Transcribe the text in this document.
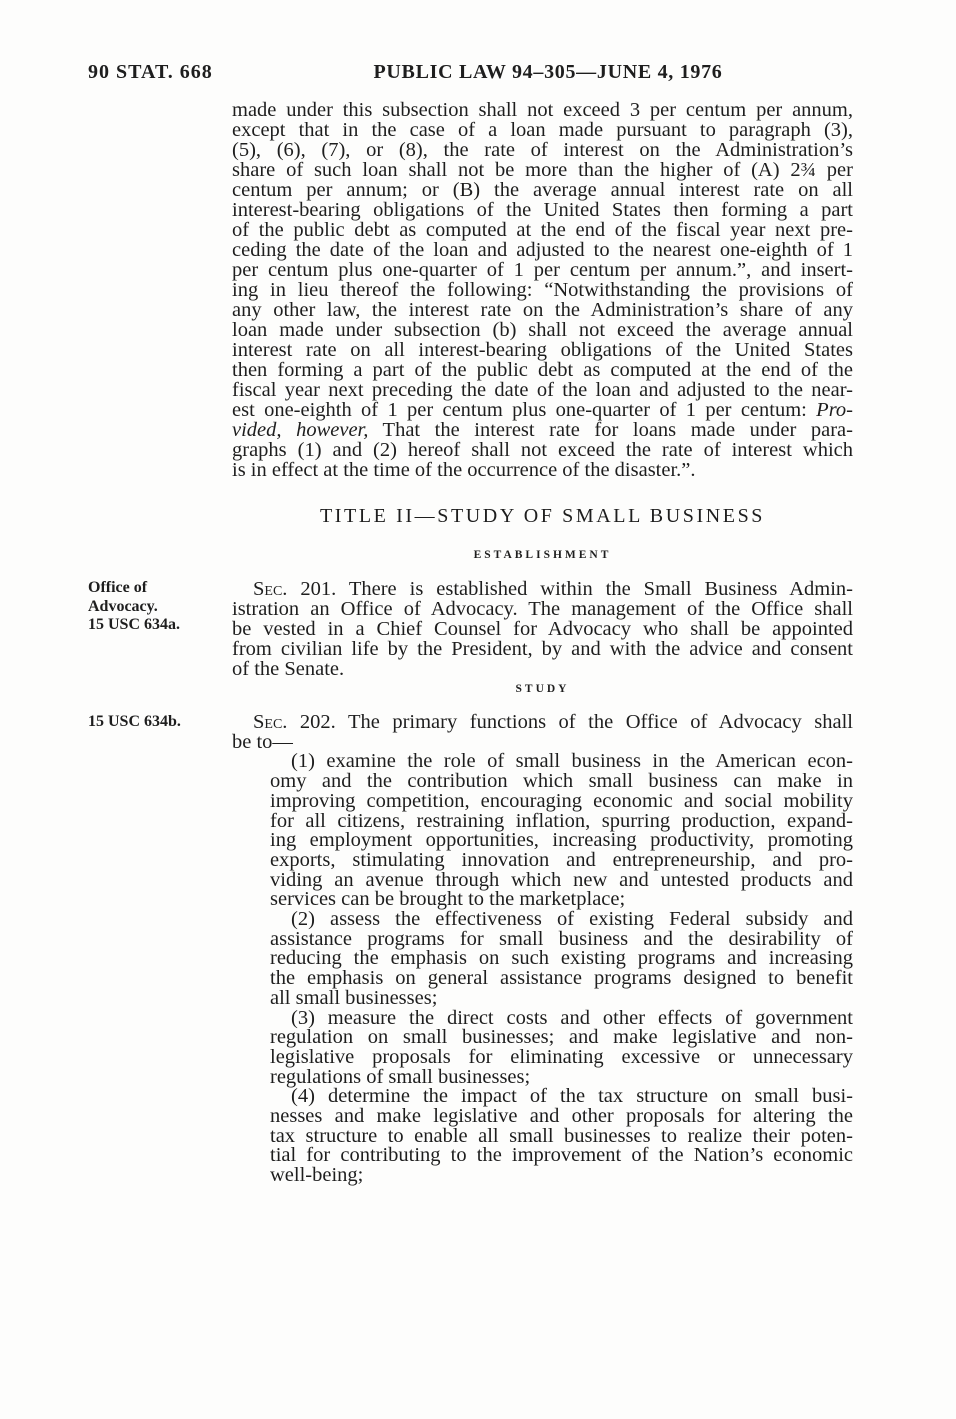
90 STAT. 668	PUBLIC LAW 94–305—JUNE 4, 1976
made under this subsection shall not exceed 3 per centum per annum,
except that in the case of a loan made pursuant to paragraph (3),
(5), (6), (7), or (8), the rate of interest on the Administration’s
share of such loan shall not be more than the higher of (A) 2¾ per
centum per annum; or (B) the average annual interest rate on all
interest-bearing obligations of the United States then forming a part
of the public debt as computed at the end of the fiscal year next pre-
ceding the date of the loan and adjusted to the nearest one-eighth of 1
per centum plus one-quarter of 1 per centum per annum.”, and insert-
ing in lieu thereof the following: “Notwithstanding the provisions of
any other law, the interest rate on the Administration’s share of any
loan made under subsection (b) shall not exceed the average annual
interest rate on all interest-bearing obligations of the United States
then forming a part of the public debt as computed at the end of the
fiscal year next preceding the date of the loan and adjusted to the near-
est one-eighth of 1 per centum plus one-quarter of 1 per centum: Pro-
vided, however, That the interest rate for loans made under para-
graphs (1) and (2) hereof shall not exceed the rate of interest which
is in effect at the time of the occurrence of the disaster.”.
TITLE II—STUDY OF SMALL BUSINESS
ESTABLISHMENT
Office of
Advocacy.
15 USC 634a.
Sec. 201. There is established within the Small Business Admin-
istration an Office of Advocacy. The management of the Office shall
be vested in a Chief Counsel for Advocacy who shall be appointed
from civilian life by the President, by and with the advice and consent
of the Senate.
STUDY
15 USC 634b.	Sec. 202. The primary functions of the Office of Advocacy shall
be to—
(1) examine the role of small business in the American econ-
omy and the contribution which small business can make in
improving competition, encouraging economic and social mobility
for all citizens, restraining inflation, spurring production, expand-
ing employment opportunities, increasing productivity, promoting
exports, stimulating innovation and entrepreneurship, and pro-
viding an avenue through which new and untested products and
services can be brought to the marketplace;
(2) assess the effectiveness of existing Federal subsidy and
assistance programs for small business and the desirability of
reducing the emphasis on such existing programs and increasing
the emphasis on general assistance programs designed to benefit
all small businesses;
(3) measure the direct costs and other effects of government
regulation on small businesses; and make legislative and non-
legislative proposals for eliminating excessive or unnecessary
regulations of small businesses;
(4) determine the impact of the tax structure on small busi-
nesses and make legislative and other proposals for altering the
tax structure to enable all small businesses to realize their poten-
tial for contributing to the improvement of the Nation’s economic
well-being;
